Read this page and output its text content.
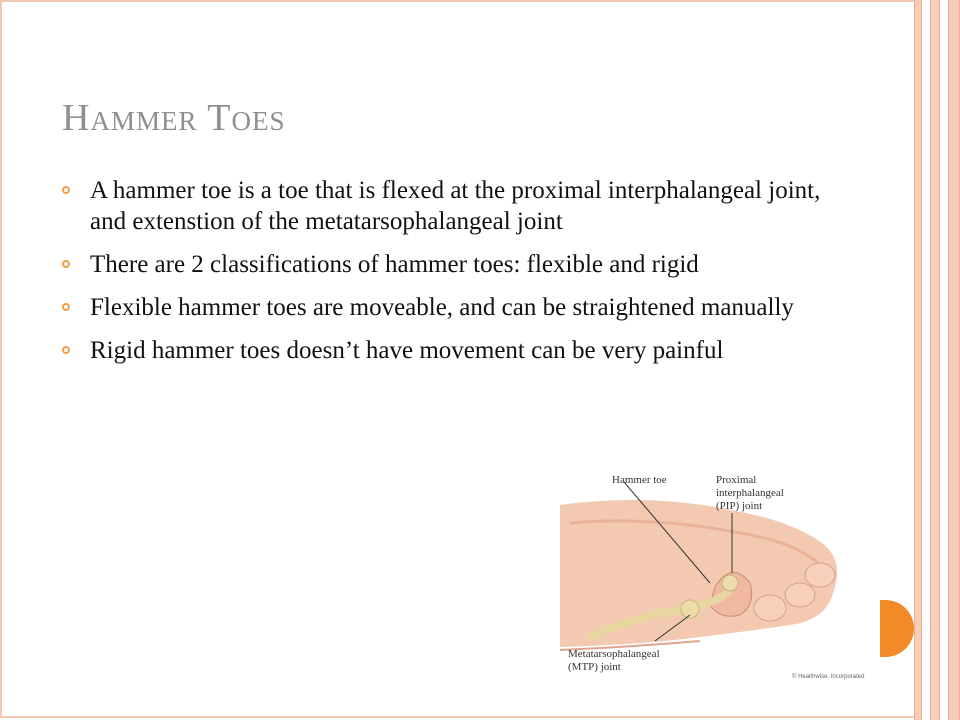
Hammer Toes
A hammer toe is a toe that is flexed at the proximal interphalangeal joint, and extenstion of the metatarsophalangeal joint
There are 2 classifications of hammer toes: flexible and rigid
Flexible hammer toes are moveable, and can be straightened manually
Rigid hammer toes doesn’t have movement can be very painful
Hammer toe	Proximal
interphalangeal
(PIP) joint
Metatarsophalangeal
(MTP) joint
© Healthwise, Incorporated
